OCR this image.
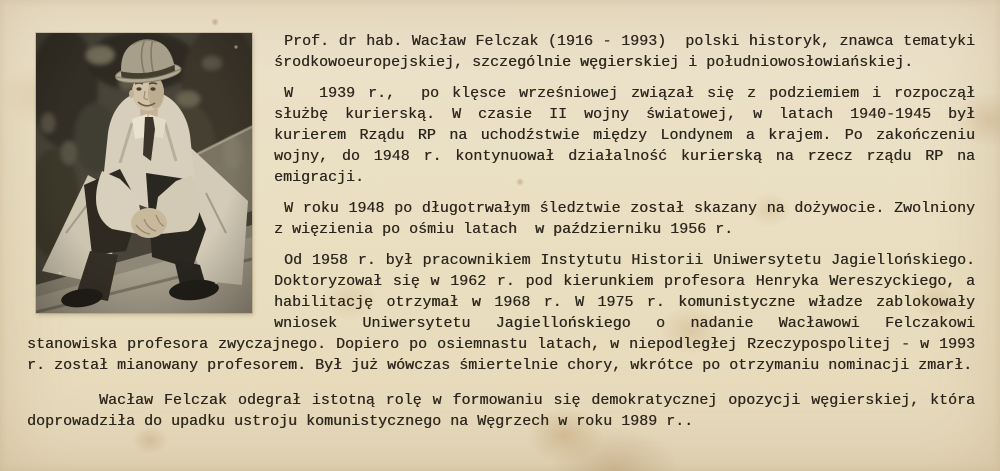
Prof. dr hab. Wacław Felczak (1916 - 1993)  polski historyk, znawca tematyki środkowoeuropejskiej, szczególnie węgierskiej i południowosłowiańskiej.

W  1939 r.,  po klęsce wrześniowej związał się z podziemiem i rozpoczął służbę kurierską. W czasie II wojny światowej, w latach 1940-1945 był kurierem Rządu RP na uchodźstwie między Londynem a krajem. Po zakończeniu wojny, do 1948 r. kontynuował działalność kurierską na rzecz rządu RP na emigracji.

W roku 1948 po długotrwałym śledztwie został skazany na dożywocie. Zwolniony z więzienia po ośmiu latach  w październiku 1956 r.

Od 1958 r. był pracownikiem Instytutu Historii Uniwersytetu Jagiellońskiego. Doktoryzował się w 1962 r. pod kierunkiem profesora Henryka Wereszyckiego, a habilitację otrzymał w 1968 r. W 1975 r. komunistyczne władze zablokowały wniosek Uniwersytetu Jagiellońskiego o nadanie Wacławowi Felczakowi stanowiska profesora zwyczajnego. Dopiero po osiemnastu latach, w niepodległej Rzeczypospolitej - w 1993 r. został mianowany profesorem. Był już wówczas śmiertelnie chory, wkrótce po otrzymaniu nominacji zmarł.

Wacław Felczak odegrał istotną rolę w formowaniu się demokratycznej opozycji węgierskiej, która doprowadziła do upadku ustroju komunistycznego na Węgrzech w roku 1989 r..
